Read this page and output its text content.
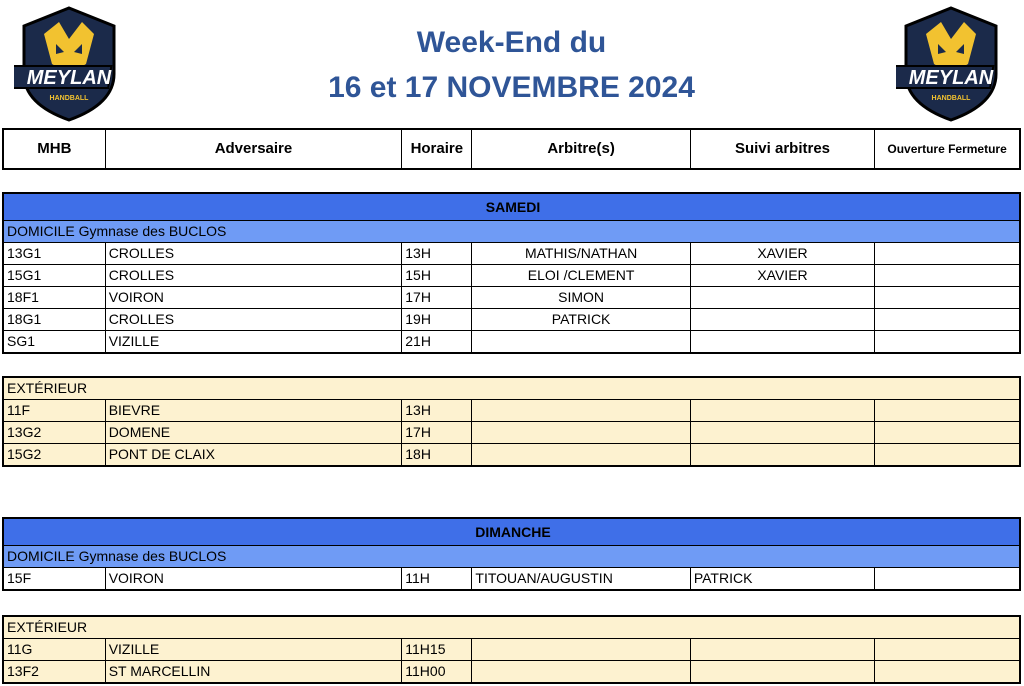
MEYLAN
HANDBALL
Week-End du
16 et 17 NOVEMBRE 2024	MEYLAN
HANDBALL
MHB	Adversaire	Horaire	Arbitre(s)	Suivi arbitres	Ouverture Fermeture
SAMEDI					
DOMICILE Gymnase des BUCLOS					
13G1	CROLLES	13H	MATHIS/NATHAN	XAVIER	
15G1	CROLLES	15H	ELOI /CLEMENT	XAVIER	
18F1	VOIRON	17H	SIMON		
18G1	CROLLES	19H	PATRICK		
SG1	VIZILLE	21H			
EXTÉRIEUR					
11F	BIEVRE	13H			
13G2	DOMENE	17H			
15G2	PONT DE CLAIX	18H			
DIMANCHE
DOMICILE Gymnase des BUCLOS
15F	VOIRON	11H	TITOUAN/AUGUSTIN	PATRICK	
EXTÉRIEUR					
11G	VIZILLE	11H15			
13F2	ST MARCELLIN	11H00			
